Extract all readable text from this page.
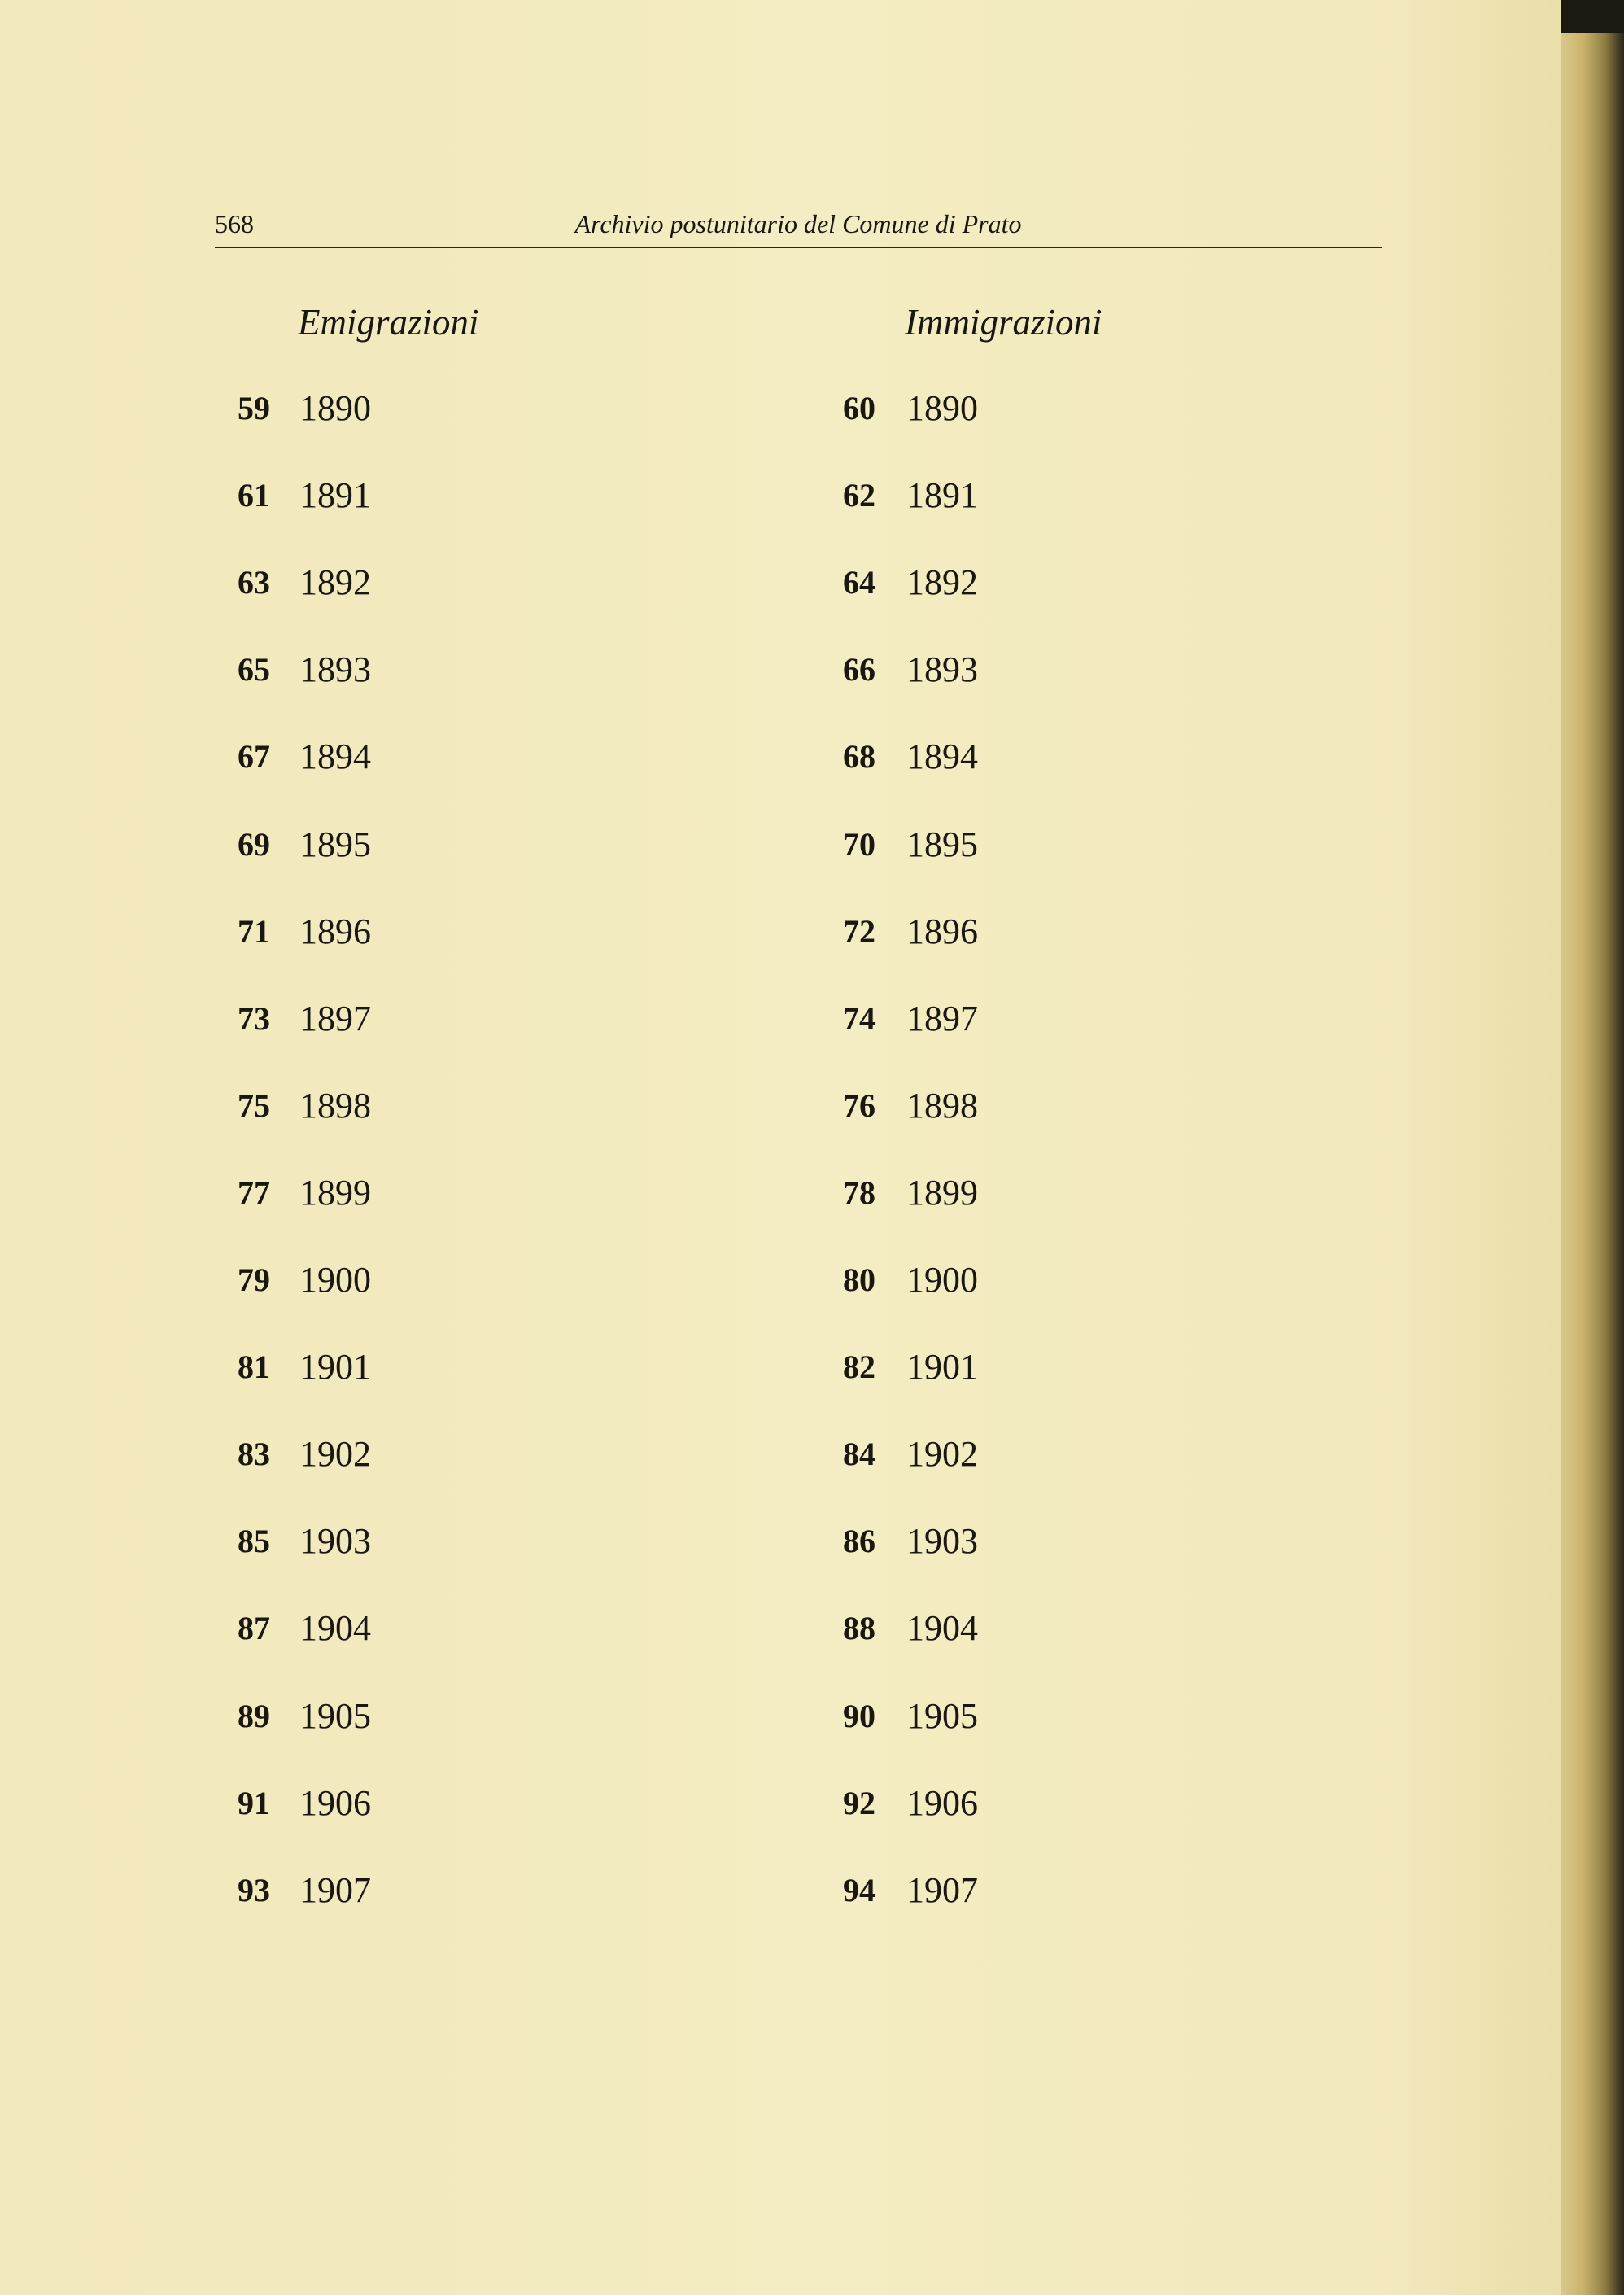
568	Archivio postunitario del Comune di Prato
Emigrazioni	Immigrazioni
59 1890	60 1890
61 1891	62 1891
63 1892	64 1892
65 1893	66 1893
67 1894	68 1894
69 1895	70 1895
71 1896	72 1896
73 1897	74 1897
75 1898	76 1898
77 1899	78 1899
79 1900	80 1900
81 1901	82 1901
83 1902	84 1902
85 1903	86 1903
87 1904	88 1904
89 1905	90 1905
91 1906	92 1906
93 1907	94 1907
